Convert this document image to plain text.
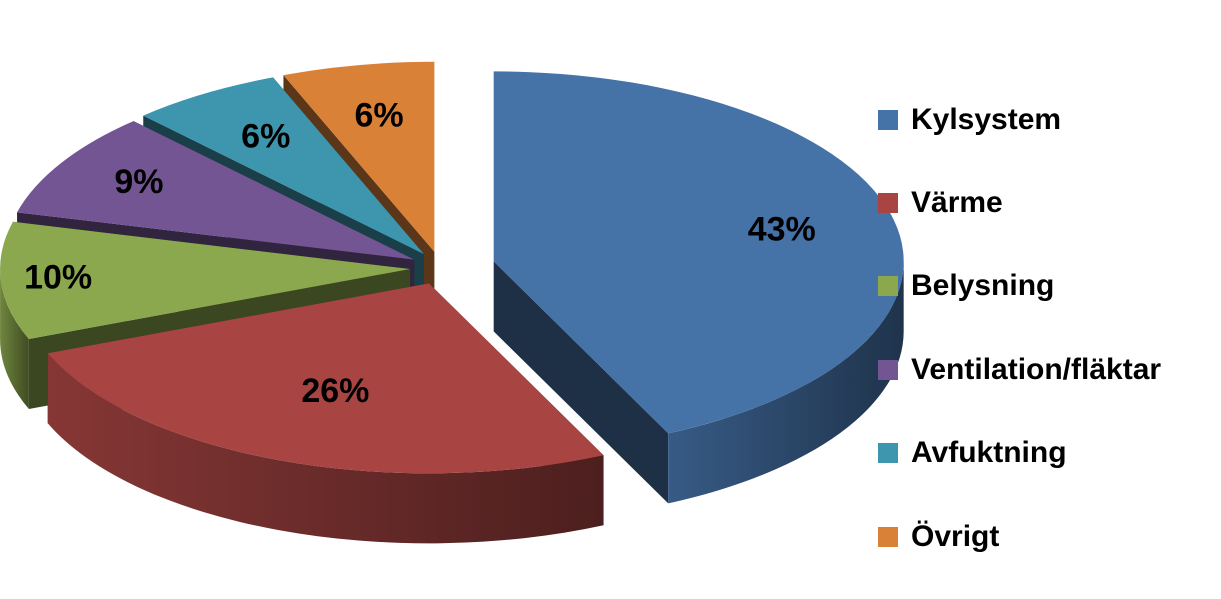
43%
26%
10%
9%
6%
6%	Kylsystem
Värme
Belysning
Ventilation/fläktar
Avfuktning
Övrigt
